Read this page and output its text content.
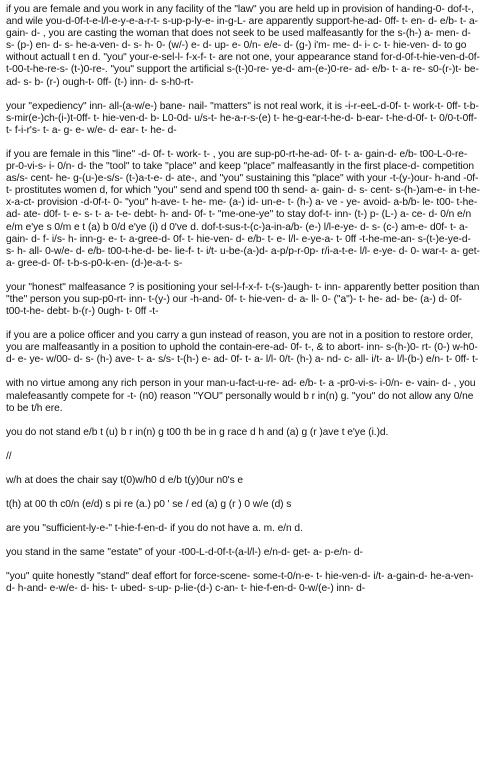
if you are female and you work in any facility of the "law" you are held up in provision of handing-0- dof-t-, and wile you-d-0f-t-e-l/l-e-y-e-a-r-t- s-up-p-ly-e- in-g-L- are apparently support-he-ad- 0ff- t- en- d- e/b- t- a- gain- d- , you are casting the woman that does not seek to be used malfeasantly for the s-(h-) a- men- d- s- (p-) en- d- s- he-a-ven- d- s- h- 0- (w/-) e- d- up- e- 0/n- e/e- d- (g-) i'm- me- d- i- c- t- hie-ven- d- to go without actuall t en d. "you" your-e-sel-l- f-x-f- t- are not one, your appearance stand for-d-0f-t-hie-ven-d-0f-t-00-t-he-re-s- (t-)0-re-. "you" support the artificial s-(t-)0-re- ye-d- am-(e-)0-re- ad- e/b- t- a- re- s0-(r-)t- be-ad- s- b- (r-) ough-t- 0ff- (t-) inn- d- s-h0-rt-

your "expediency" inn- all-(a-w/e-) bane- nail- "matters" is not real work, it is -i-r-eeL-d-0f- t- work-t- 0ff- t-b-s-mir(e-)ch-(i-)t-0ff- t- hie-ven-d- b- L0-0d- u/s-t- he-a-r-s-(e) t- he-g-ear-t-he-d- b-ear- t-he-d-0f- t- 0/0-t-0ff- t- f-i-r's- t- a- g- e- w/e- d- ear- t- he- d-

if you are female in this "line" -d- 0f- t- work- t- , you are sup-p0-rt-he-ad- 0f- t- a- gain-d- e/b- t00-L-0-re- pr-0-vi-s- i- 0/n- d- the "tool" to take "place" and keep "place" malfeasantly in the first place-d- competition as/s- cent- he- g-(u-)e-s/s- (t-)a-t-e- d- ate-, and "you" sustaining this "place" with your -t-(y-)our- h-and -0f-t- prostitutes women d, for which "you" send and spend t00 th send- a- gain- d- s- cent- s-(h-)am-e- in t-he-x-a-ct- provision -d-0f-t- 0- "you" h-ave- t- he- me- (a-) id- un-e- t- (h-) a- ve - ye- avoid- a-b/b- le- t00- t-he-ad- ate- d0f- t- e- s- t- a- t-e- debt- h- and- 0f- t- "me-one-ye" to stay dof-t- inn- (t-) p- (L-) a- ce- d- 0/n e/n e/m e'ye s 0/m e t (a) b 0/d e'ye (i) d 0've d. dof-t-sus-t-(c-)a-in-a/b- (e-) l/l-e-ye- d- s- (c-) am-e- d0f- t- a-gain- d- f- i/s- h- inn-g- e- t- a-gree-d- 0f- t- hie-ven- d- e/b- t- e- l/l- e-ye-a- t- 0ff -t-he-me-an- s-(t-)e-ye-d- s- h- all- 0-w/e- d- e/b- t00-t-he-d- be- lie-f- t- i/t- u-be-(a-)d- a-p/p-r-0p- r/i-a-t-e- l/l- e-ye- d- 0- war-t- a- get- a- gree-d- 0f- t-b-s-p0-k-en- (d-)e-a-t- s-

your "honest" malfeasance ? is positioning your sel-l-f-x-f- t-(s-)augh- t- inn- apparently better position than "the" person you sup-p0-rt- inn- t-(y-) our -h-and- 0f- t- hie-ven- d- a- ll- 0- ("a")- t- he- ad- be- (a-) d- 0f- t00-t-he- debt- b-(r-) 0ugh- t- 0ff -t-

if you are a police officer and you carry a gun instead of reason, you are not in a position to restore order, you are malfeasantly in a position to uphold the contain-ere-ad- 0f- t-, & to abort- inn- s-(h-)0- rt- (0-) w-h0- d- e- ye- w/00- d- s- (h-) ave- t- a- s/s- t-(h-) e- ad- 0f- t- a- l/l- 0/t- (h-) a- nd- c- all- i/t- a- l/l-(b-) e/n- t- 0ff- t-

with no virtue among any rich person in your man-u-fact-u-re- ad- e/b- t- a -pr0-vi-s- i-0/n- e- vain- d- , you malefeasantly compete for -t- (n0) reason "YOU" personally would b r in(n) g. "you" do not allow any 0/ne to be t/h ere.

you do not stand e/b t (u) b r in(n) g t00 th be in g race d h and (a) g (r )ave t e'ye (i.)d.

//

w/h at does the chair say t(0)w/h0 d e/b t(y)0ur n0's e

t(h) at 00 th c0/n (e/d) s pi re (a.) p0 ' se / ed (a) g (r ) 0 w/e (d) s

are you "sufficient-ly-e-" t-hie-f-en-d- if you do not have a. m. e/n d.

you stand in the same "estate" of your -t00-L-d-0f-t-(a-l/l-) e/n-d- get- a- p-e/n- d-

"you" quite honestly "stand" deaf effort for force-scene- some-t-0/n-e- t- hie-ven-d- i/t- a-gain-d- he-a-ven- d- h-and- e-w/e- d- his- t- ubed- s-up- p-lie-(d-) c-an- t- hie-f-en-d- 0-w/(e-) inn- d-
